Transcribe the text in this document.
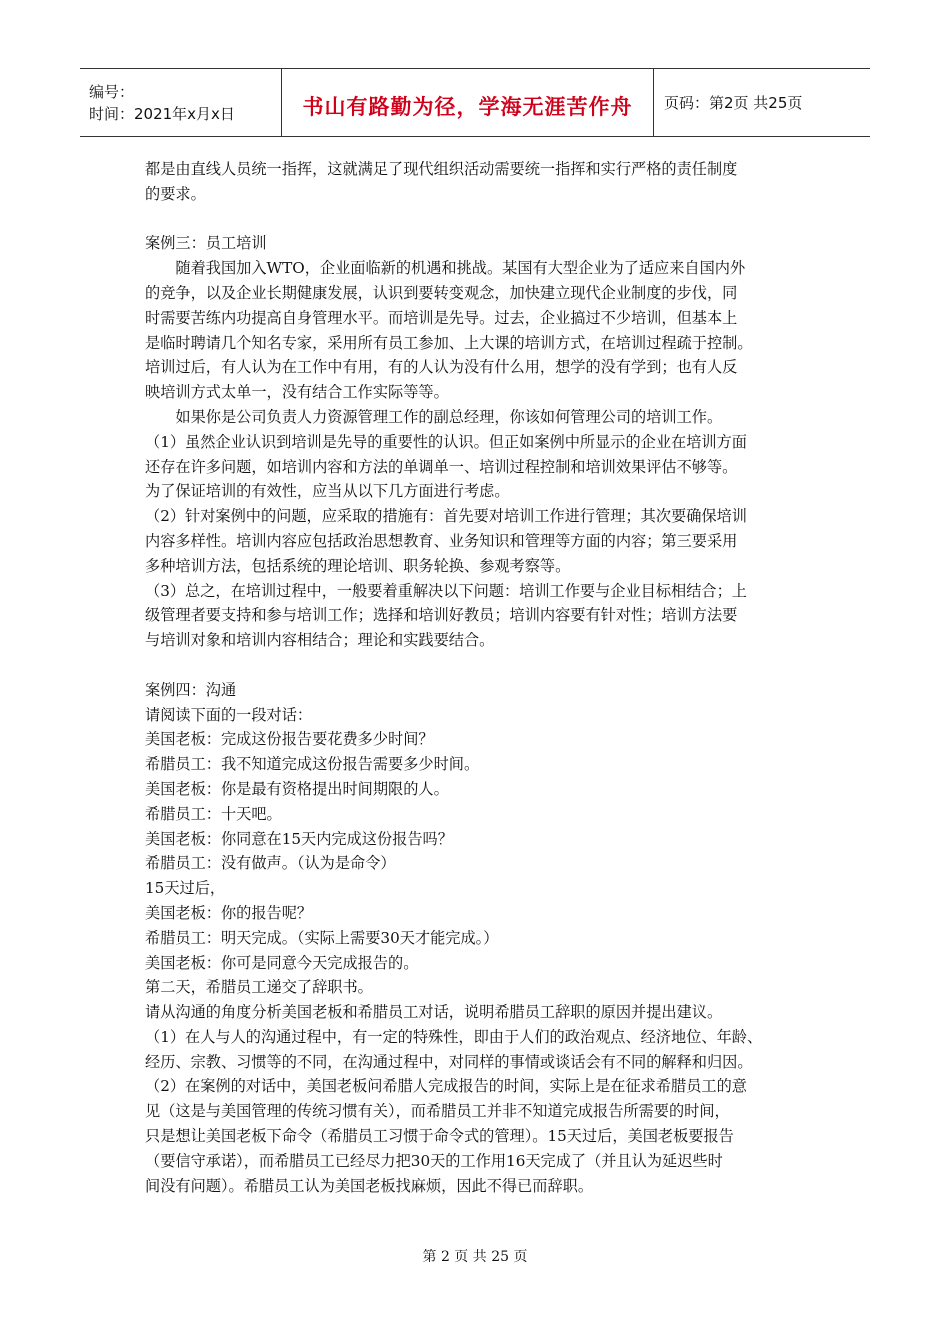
编号：
时间：2021年x月x日	书山有路勤为径，学海无涯苦作舟 页码：第2页 共25页

都是由直线人员统一指挥，这就满足了现代组织活动需要统一指挥和实行严格的责任制度

的要求。

案例三：员工培训

　　随着我国加入WTO，企业面临新的机遇和挑战。某国有大型企业为了适应来自国内外

的竞争，以及企业长期健康发展，认识到要转变观念，加快建立现代企业制度的步伐，同

时需要苦练内功提高自身管理水平。而培训是先导。过去，企业搞过不少培训，但基本上

是临时聘请几个知名专家，采用所有员工参加、上大课的培训方式，在培训过程疏于控制。

培训过后，有人认为在工作中有用，有的人认为没有什么用，想学的没有学到；也有人反

映培训方式太单一，没有结合工作实际等等。

　　如果你是公司负责人力资源管理工作的副总经理，你该如何管理公司的培训工作。

（1）虽然企业认识到培训是先导的重要性的认识。但正如案例中所显示的企业在培训方面

还存在许多问题，如培训内容和方法的单调单一、培训过程控制和培训效果评估不够等。

为了保证培训的有效性，应当从以下几方面进行考虑。

（2）针对案例中的问题，应采取的措施有：首先要对培训工作进行管理；其次要确保培训

内容多样性。培训内容应包括政治思想教育、业务知识和管理等方面的内容；第三要采用

多种培训方法，包括系统的理论培训、职务轮换、参观考察等。

（3）总之，在培训过程中，一般要着重解决以下问题：培训工作要与企业目标相结合；上

级管理者要支持和参与培训工作；选择和培训好教员；培训内容要有针对性；培训方法要

与培训对象和培训内容相结合；理论和实践要结合。

案例四：沟通

请阅读下面的一段对话：

美国老板：完成这份报告要花费多少时间？

希腊员工：我不知道完成这份报告需要多少时间。

美国老板：你是最有资格提出时间期限的人。

希腊员工：十天吧。

美国老板：你同意在15天内完成这份报告吗？

希腊员工：没有做声。（认为是命令）

15天过后，

美国老板：你的报告呢？

希腊员工：明天完成。（实际上需要30天才能完成。）

美国老板：你可是同意今天完成报告的。

第二天，希腊员工递交了辞职书。

请从沟通的角度分析美国老板和希腊员工对话，说明希腊员工辞职的原因并提出建议。

（1）在人与人的沟通过程中，有一定的特殊性，即由于人们的政治观点、经济地位、年龄、

经历、宗教、习惯等的不同，在沟通过程中，对同样的事情或谈话会有不同的解释和归因。

（2）在案例的对话中，美国老板问希腊人完成报告的时间，实际上是在征求希腊员工的意

见（这是与美国管理的传统习惯有关），而希腊员工并非不知道完成报告所需要的时间，

只是想让美国老板下命令（希腊员工习惯于命令式的管理）。15天过后，美国老板要报告

（要信守承诺），而希腊员工已经尽力把30天的工作用16天完成了（并且认为延迟些时

间没有问题）。希腊员工认为美国老板找麻烦，因此不得已而辞职。

第 2 页 共 25 页
